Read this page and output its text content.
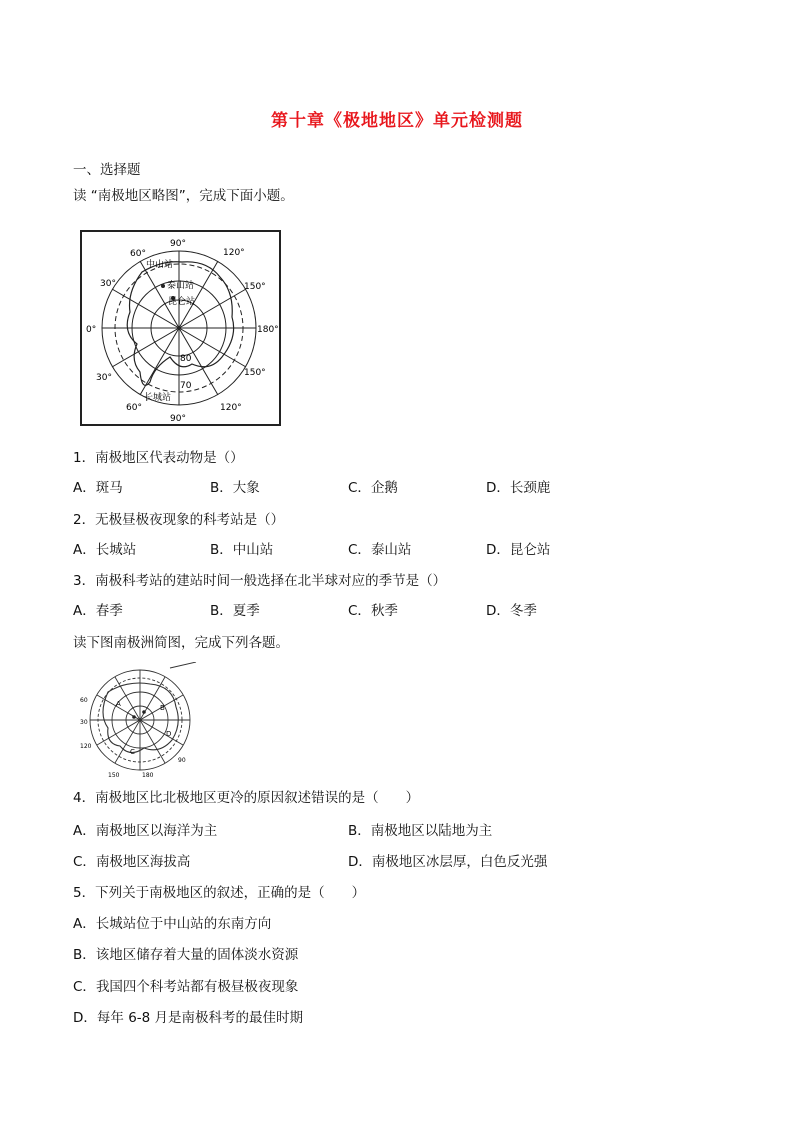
第十章《极地地区》单元检测题
一、选择题
读 “南极地区略图”，完成下面小题。
90°
120°
150°
180°
150°
120°
90°
60°
30°
0°
30°
60°
中山站
泰山站
昆仑站
80
70
长城站
1．南极地区代表动物是（）
A．斑马	B．大象	C．企鹅	D．长颈鹿
2．无极昼极夜现象的科考站是（）
A．长城站	B．中山站	C．泰山站	D．昆仑站
3．南极科考站的建站时间一般选择在北半球对应的季节是（）
A．春季	B．夏季	C．秋季	D．冬季
读下图南极洲简图，完成下列各题。
A	B
C
D
60
30
120
150	180
90
4．南极地区比北极地区更冷的原因叙述错误的是（　　）
A．南极地区以海洋为主	B．南极地区以陆地为主
C．南极地区海拔高	D．南极地区冰层厚，白色反光强
5．下列关于南极地区的叙述，正确的是（　　）
A．长城站位于中山站的东南方向
B．该地区储存着大量的固体淡水资源
C．我国四个科考站都有极昼极夜现象
D．每年 6-8 月是南极科考的最佳时期
